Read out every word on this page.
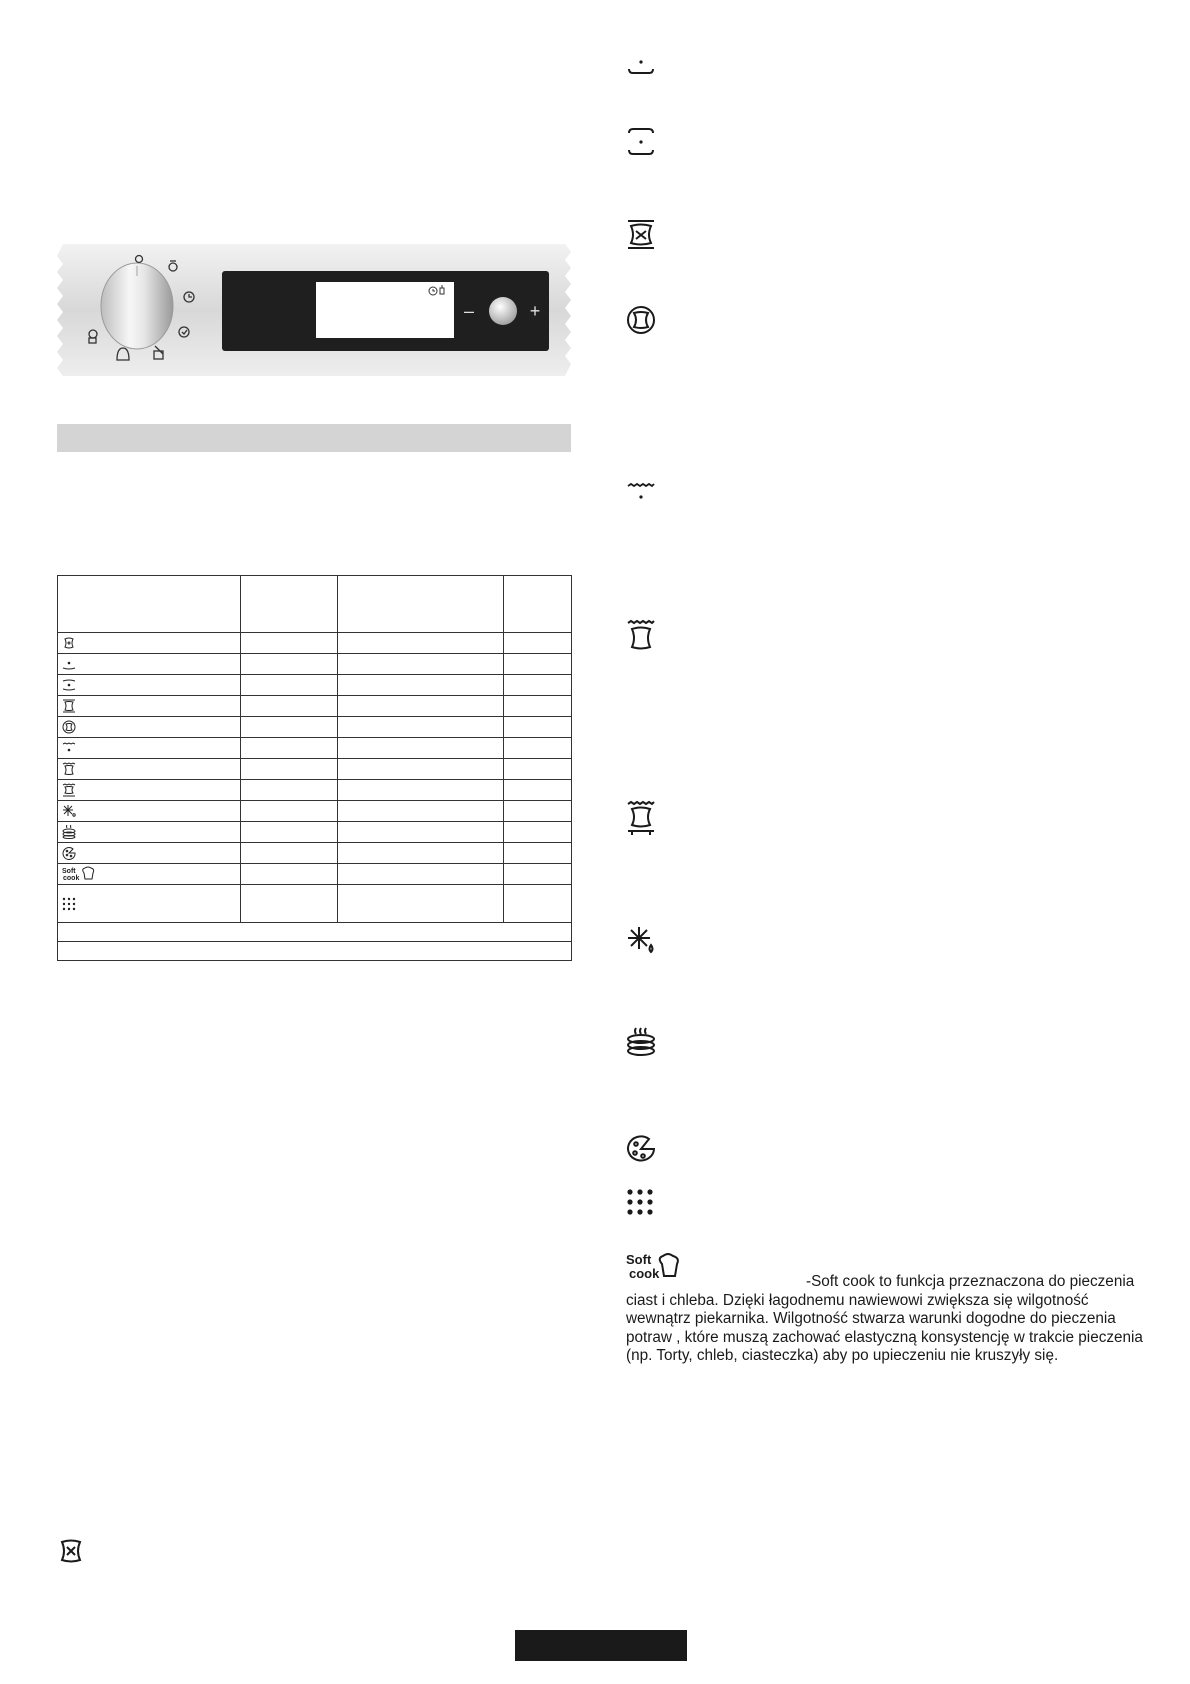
–	+

Soft
cook			

Soft
cook	-Soft cook to funkcja przeznaczona do pieczenia

ciast i chleba. Dzięki łagodnemu nawiewowi zwiększa się wilgotność

wewnątrz piekarnika. Wilgotność stwarza warunki dogodne do pieczenia

potraw , które muszą zachować elastyczną konsystencję w trakcie pieczenia

(np. Torty, chleb, ciasteczka) aby po upieczeniu nie kruszyły się.
